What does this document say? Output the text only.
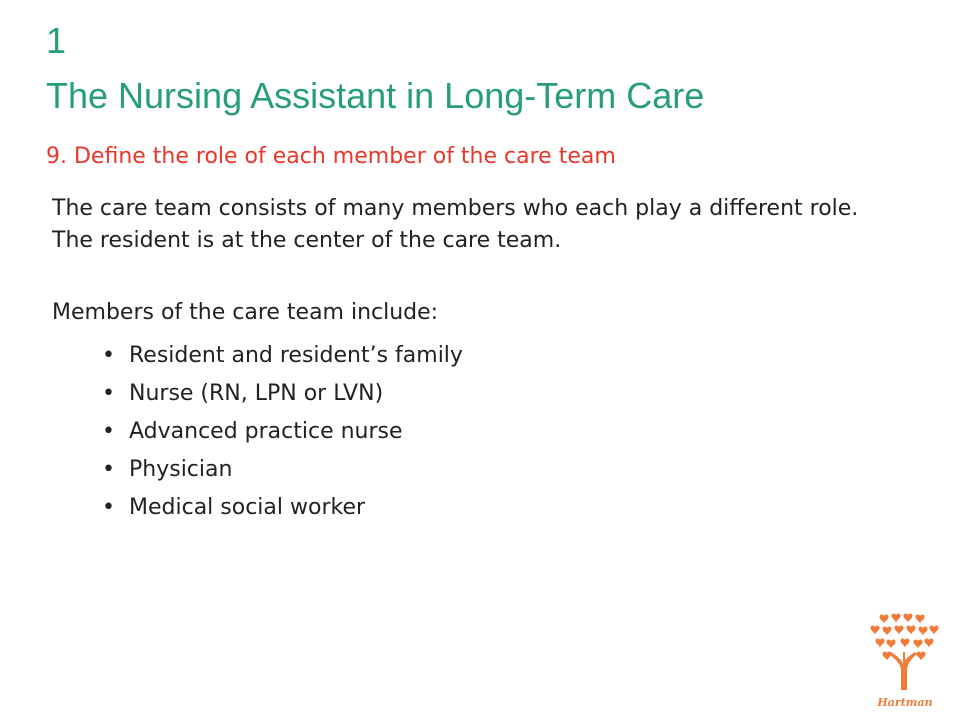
1
The Nursing Assistant in Long-Term Care
9. Define the role of each member of the care team

The care team consists of many members who each play a different role. The resident is at the center of the care team.

Members of the care team include:

• Resident and resident’s family
• Nurse (RN, LPN or LVN)
• Advanced practice nurse
• Physician
• Medical social worker
Hartman
